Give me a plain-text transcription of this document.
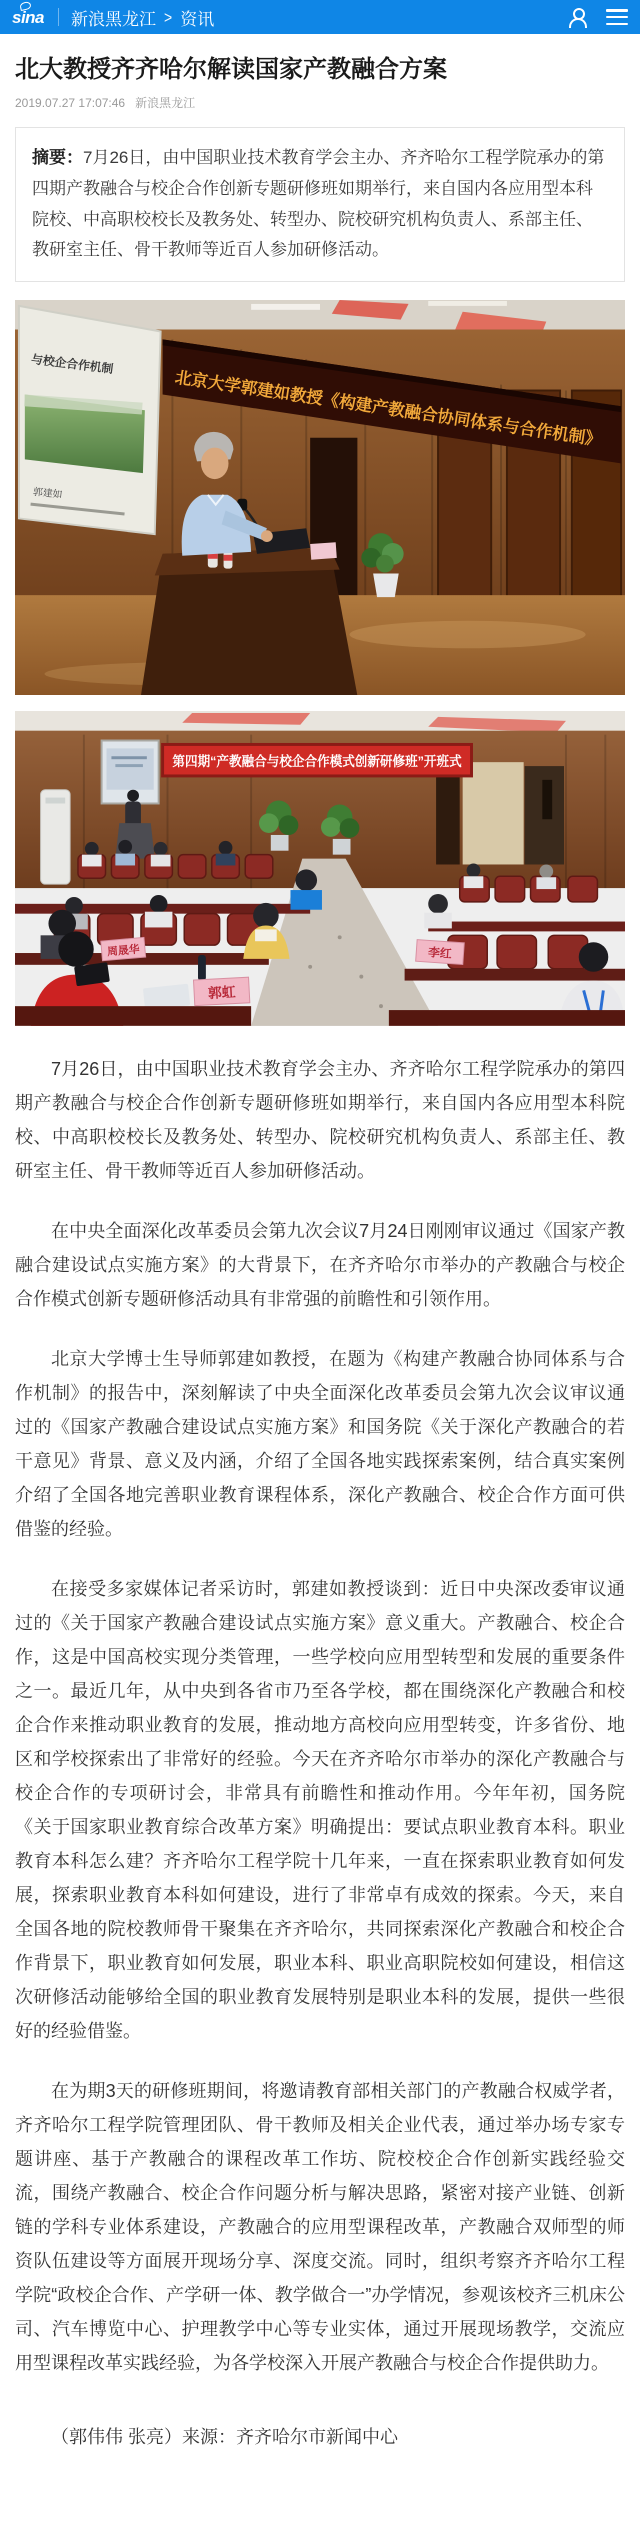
sina 新浪黑龙江 > 资讯
北大教授齐齐哈尔解读国家产教融合方案
2019.07.27 17:07:46 新浪黑龙江
摘要：7月26日，由中国职业技术教育学会主办、齐齐哈尔工程学院承办的第四期产教融合与校企合作创新专题研修班如期举行，来自国内各应用型本科院校、中高职校校长及教务处、转型办、院校研究机构负责人、系部主任、教研室主任、骨干教师等近百人参加研修活动。
北京大学郭建如教授《构建产教融合协同体系与合作机制》
与校企合作机制
郭建如
第四期“产教融合与校企合作模式创新研修班”开班式
周晟华
郭虹
李红

7月26日，由中国职业技术教育学会主办、齐齐哈尔工程学院承办的第四期产教融合与校企合作创新专题研修班如期举行，来自国内各应用型本科院校、中高职校校长及教务处、转型办、院校研究机构负责人、系部主任、教研室主任、骨干教师等近百人参加研修活动。

在中央全面深化改革委员会第九次会议7月24日刚刚审议通过《国家产教融合建设试点实施方案》的大背景下，在齐齐哈尔市举办的产教融合与校企合作模式创新专题研修活动具有非常强的前瞻性和引领作用。

北京大学博士生导师郭建如教授，在题为《构建产教融合协同体系与合作机制》的报告中，深刻解读了中央全面深化改革委员会第九次会议审议通过的《国家产教融合建设试点实施方案》和国务院《关于深化产教融合的若干意见》背景、意义及内涵，介绍了全国各地实践探索案例，结合真实案例介绍了全国各地完善职业教育课程体系，深化产教融合、校企合作方面可供借鉴的经验。

在接受多家媒体记者采访时，郭建如教授谈到：近日中央深改委审议通过的《关于国家产教融合建设试点实施方案》意义重大。产教融合、校企合作，这是中国高校实现分类管理，一些学校向应用型转型和发展的重要条件之一。最近几年，从中央到各省市乃至各学校，都在围绕深化产教融合和校企合作来推动职业教育的发展，推动地方高校向应用型转变，许多省份、地区和学校探索出了非常好的经验。今天在齐齐哈尔市举办的深化产教融合与校企合作的专项研讨会，非常具有前瞻性和推动作用。今年年初，国务院《关于国家职业教育综合改革方案》明确提出：要试点职业教育本科。职业教育本科怎么建？齐齐哈尔工程学院十几年来，一直在探索职业教育如何发展，探索职业教育本科如何建设，进行了非常卓有成效的探索。今天，来自全国各地的院校教师骨干聚集在齐齐哈尔，共同探索深化产教融合和校企合作背景下，职业教育如何发展，职业本科、职业高职院校如何建设，相信这次研修活动能够给全国的职业教育发展特别是职业本科的发展，提供一些很好的经验借鉴。

在为期3天的研修班期间，将邀请教育部相关部门的产教融合权威学者，齐齐哈尔工程学院管理团队、骨干教师及相关企业代表，通过举办场专家专题讲座、基于产教融合的课程改革工作坊、院校校企合作创新实践经验交流，围绕产教融合、校企合作问题分析与解决思路，紧密对接产业链、创新链的学科专业体系建设，产教融合的应用型课程改革，产教融合双师型的师资队伍建设等方面展开现场分享、深度交流。同时，组织考察齐齐哈尔工程学院“政校企合作、产学研一体、教学做合一”办学情况，参观该校齐三机床公司、汽车博览中心、护理教学中心等专业实体，通过开展现场教学，交流应用型课程改革实践经验，为各学校深入开展产教融合与校企合作提供助力。

（郭伟伟 张亮）来源：齐齐哈尔市新闻中心
